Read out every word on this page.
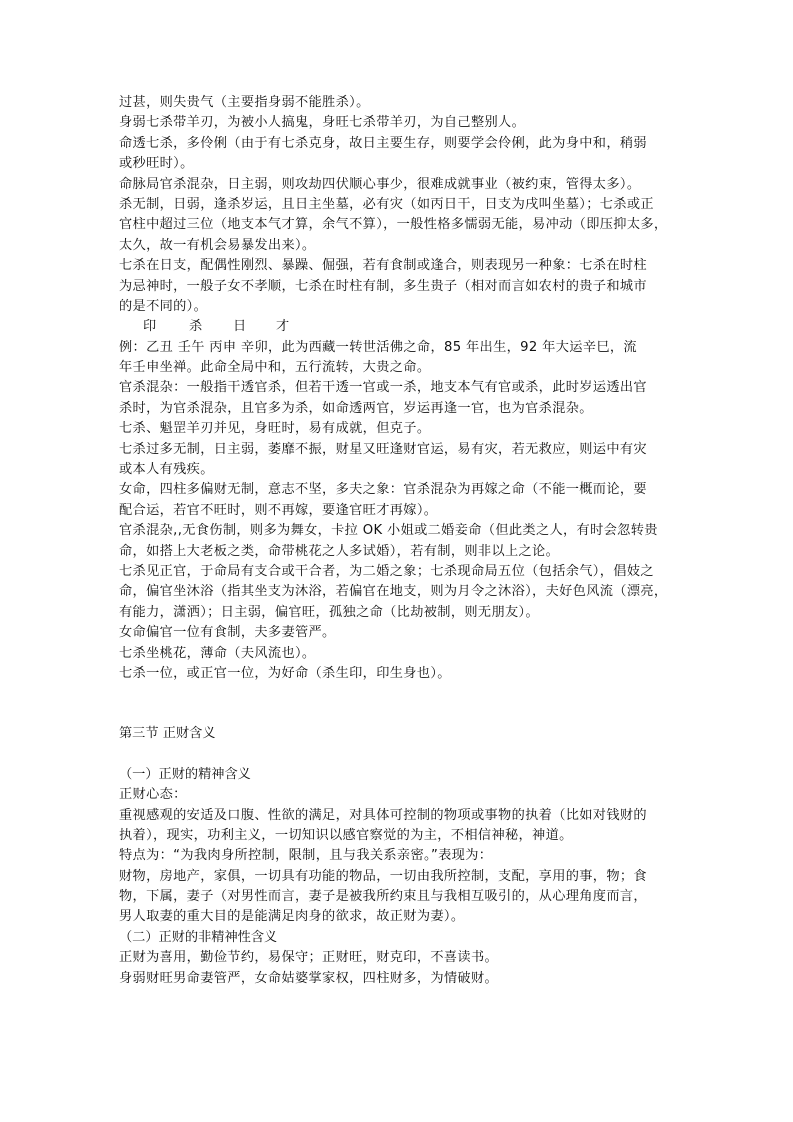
过甚，则失贵气（主要指身弱不能胜杀）。
身弱七杀带羊刃，为被小人搞鬼，身旺七杀带羊刃，为自己整别人。
命透七杀，多伶俐（由于有七杀克身，故日主要生存，则要学会伶俐，此为身中和，稍弱
或秒旺时）。
命脉局官杀混杂，日主弱，则攻劫四伏顺心事少，很难成就事业（被约束，管得太多）。
杀无制，日弱，逢杀岁运，且日主坐墓，必有灾（如丙日干，日支为戌叫坐墓）；七杀或正
官柱中超过三位（地支本气才算，余气不算），一般性格多懦弱无能，易冲动（即压抑太多，
太久，故一有机会易暴发出来）。
七杀在日支，配偶性刚烈、暴躁、倔强，若有食制或逢合，则表现另一种象：七杀在时柱
为忌神时，一般子女不孝顺，七杀在时柱有制，多生贵子（相对而言如农村的贵子和城市
的是不同的）。
印 杀 日 才
例：乙丑 壬午 丙申 辛卯，此为西藏一转世活佛之命，85 年出生，92 年大运辛巳，流
年壬申坐禅。此命全局中和，五行流转，大贵之命。
官杀混杂：一般指干透官杀，但若干透一官或一杀，地支本气有官或杀，此时岁运透出官
杀时，为官杀混杂，且官多为杀，如命透两官，岁运再逢一官，也为官杀混杂。
七杀、魁罡羊刃并见，身旺时，易有成就，但克子。
七杀过多无制，日主弱，萎靡不振，财星又旺逢财官运，易有灾，若无救应，则运中有灾
或本人有残疾。
女命，四柱多偏财无制，意志不坚，多夫之象：官杀混杂为再嫁之命（不能一概而论，要
配合运，若官不旺时，则不再嫁，要逢官旺才再嫁）。
官杀混杂,,无食伤制，则多为舞女，卡拉 OK 小姐或二婚妾命（但此类之人，有时会忽转贵
命，如搭上大老板之类，命带桃花之人多试婚），若有制，则非以上之论。
七杀见正官，于命局有支合或干合者，为二婚之象；七杀现命局五位（包括余气），倡妓之
命，偏官坐沐浴（指其坐支为沐浴，若偏官在地支，则为月令之沐浴），夫好色风流（漂亮，
有能力，潇洒）；日主弱，偏官旺，孤独之命（比劫被制，则无朋友）。
女命偏官一位有食制，夫多妻管严。
七杀坐桃花，薄命（夫风流也）。
七杀一位，或正官一位，为好命（杀生印，印生身也）。
第三节 正财含义
（一）正财的精神含义
正财心态：
重视感观的安适及口腹、性欲的满足，对具体可控制的物项或事物的执着（比如对钱财的
执着），现实，功利主义，一切知识以感官察觉的为主，不相信神秘，神道。
特点为：“为我肉身所控制，限制，且与我关系亲密。”表现为：
财物，房地产，家俱，一切具有功能的物品，一切由我所控制，支配，享用的事，物；食
物，下属，妻子（对男性而言，妻子是被我所约束且与我相互吸引的，从心理角度而言，
男人取妻的重大目的是能满足肉身的欲求，故正财为妻）。
（二）正财的非精神性含义
正财为喜用，勤俭节约，易保守；正财旺，财克印，不喜读书。
身弱财旺男命妻管严，女命姑婆掌家权，四柱财多，为情破财。
